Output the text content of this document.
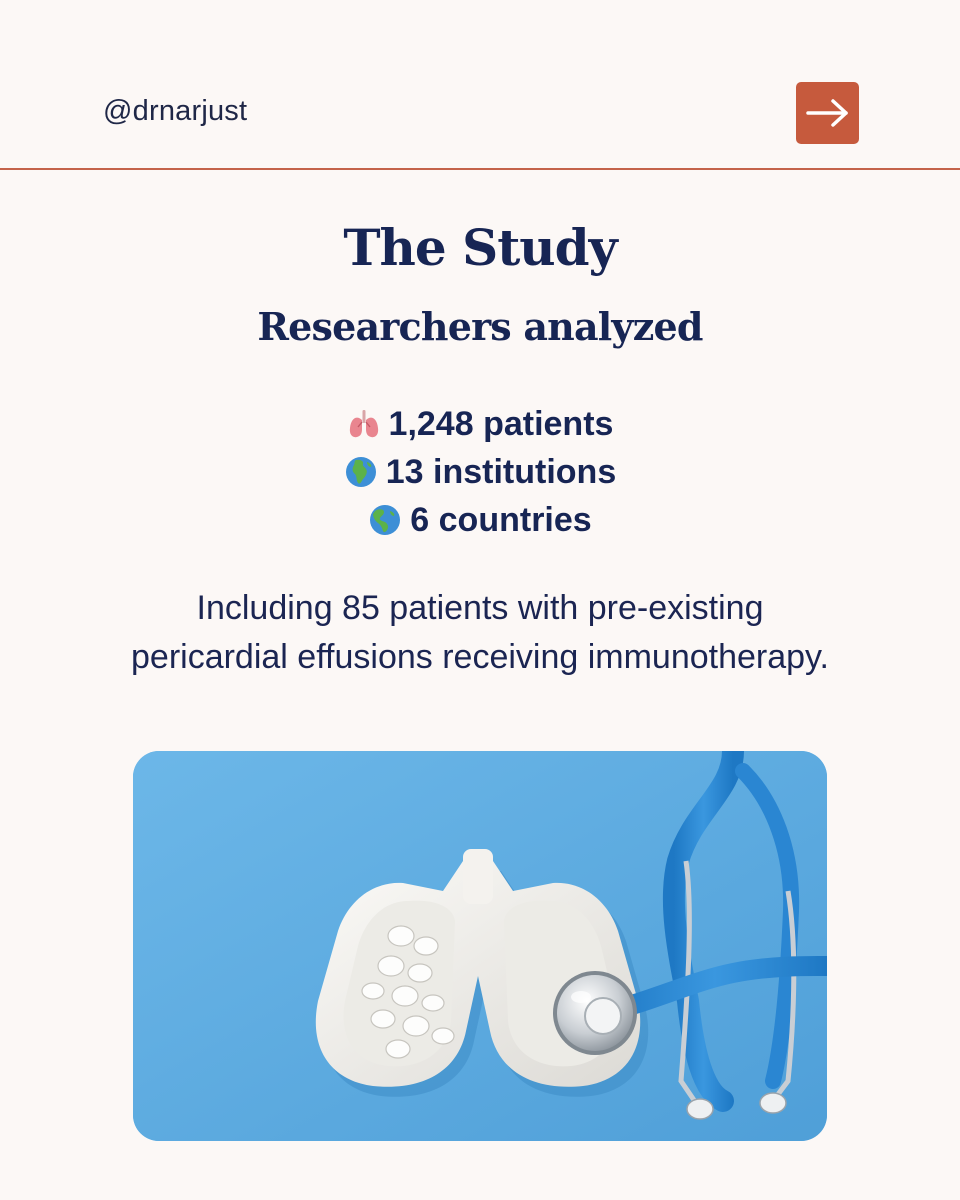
@drnarjust
The Study
Researchers analyzed
1,248 patients
13 institutions
6 countries
Including 85 patients with pre-existing pericardial effusions receiving immunotherapy.
